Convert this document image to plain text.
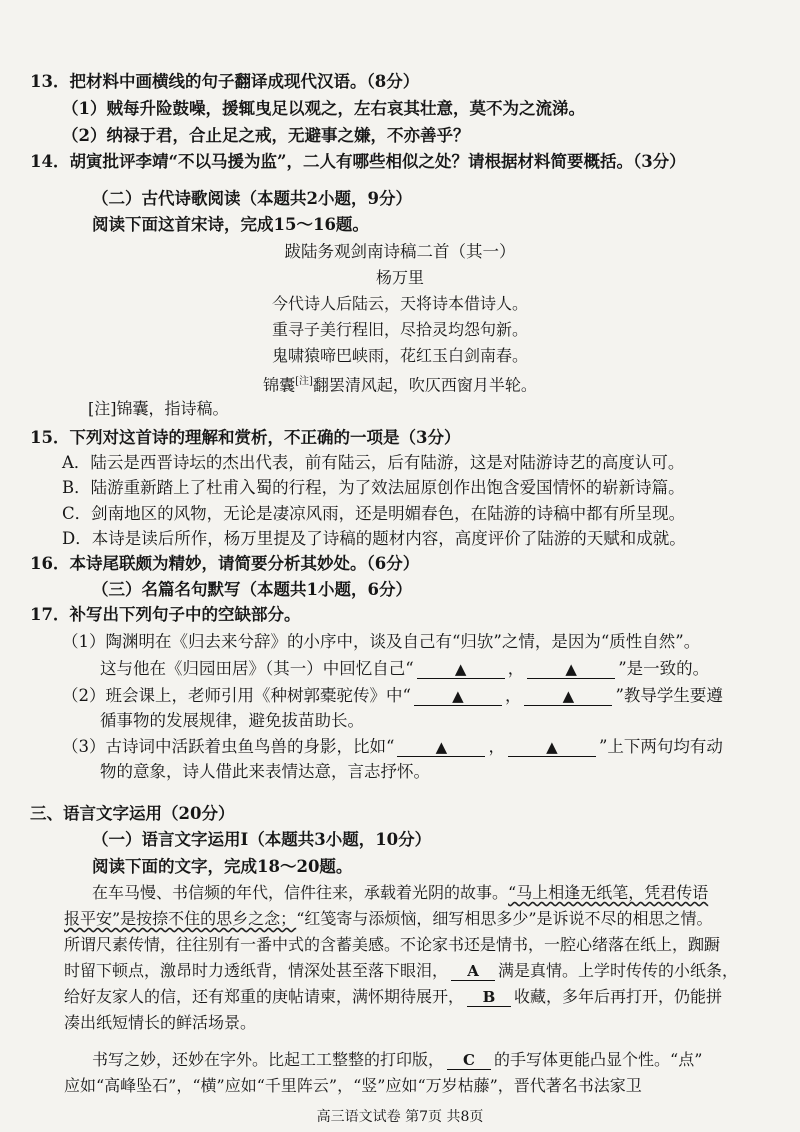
13．把材料中画横线的句子翻译成现代汉语。（8分）
（1）贼每升险鼓噪，援辄曳足以观之，左右哀其壮意，莫不为之流涕。
（2）纳禄于君，合止足之戒，无避事之嫌，不亦善乎？
14．胡寅批评李靖“不以马援为监”，二人有哪些相似之处？请根据材料简要概括。（3分）
（二）古代诗歌阅读（本题共2小题，9分）
阅读下面这首宋诗，完成15～16题。
跋陆务观剑南诗稿二首（其一）
杨万里
今代诗人后陆云，天将诗本借诗人。
重寻子美行程旧，尽拾灵均怨句新。
鬼啸猿啼巴峡雨，花红玉白剑南春。
锦囊[注]翻罢清风起，吹仄西窗月半轮。
[注]锦囊，指诗稿。
15．下列对这首诗的理解和赏析，不正确的一项是（3分）
A．陆云是西晋诗坛的杰出代表，前有陆云，后有陆游，这是对陆游诗艺的高度认可。
B．陆游重新踏上了杜甫入蜀的行程，为了效法屈原创作出饱含爱国情怀的崭新诗篇。
C．剑南地区的风物，无论是凄凉风雨，还是明媚春色，在陆游的诗稿中都有所呈现。
D．本诗是读后所作，杨万里提及了诗稿的题材内容，高度评价了陆游的天赋和成就。
16．本诗尾联颇为精妙，请简要分析其妙处。（6分）
（三）名篇名句默写（本题共1小题，6分）
17．补写出下列句子中的空缺部分。
（1）陶渊明在《归去来兮辞》的小序中，谈及自己有“归欤”之情，是因为“质性自然”。
这与他在《归园田居》（其一）中回忆自己“	▲ ，	▲ ”是一致的。
（2）班会课上，老师引用《种树郭橐驼传》中“	▲ ，	▲ ”教导学生要遵
循事物的发展规律，避免拔苗助长。
（3）古诗词中活跃着虫鱼鸟兽的身影，比如“	▲ ，	▲ ”上下两句均有动
物的意象，诗人借此来表情达意，言志抒怀。
三、语言文字运用（20分）
（一）语言文字运用Ⅰ（本题共3小题，10分）
阅读下面的文字，完成18～20题。
在车马慢、书信频的年代，信件往来，承载着光阴的故事。“马上相逢无纸笔，凭君传语
报平安”是按捺不住的思乡之念；“红笺寄与添烦恼，细写相思多少”是诉说不尽的相思之情。
所谓尺素传情，往往别有一番中式的含蓄美感。不论家书还是情书，一腔心绪落在纸上，踟蹰
时留下顿点，激昂时力透纸背，情深处甚至落下眼泪， A 满是真情。上学时传传的小纸条，
给好友家人的信，还有郑重的庚帖请柬，满怀期待展开， B 收藏，多年后再打开，仍能拼
凑出纸短情长的鲜活场景。
书写之妙，还妙在字外。比起工工整整的打印版， C 的手写体更能凸显个性。“点”
应如“高峰坠石”，“横”应如“千里阵云”，“竖”应如“万岁枯藤”，晋代著名书法家卫
高三语文试卷 第7页 共8页
